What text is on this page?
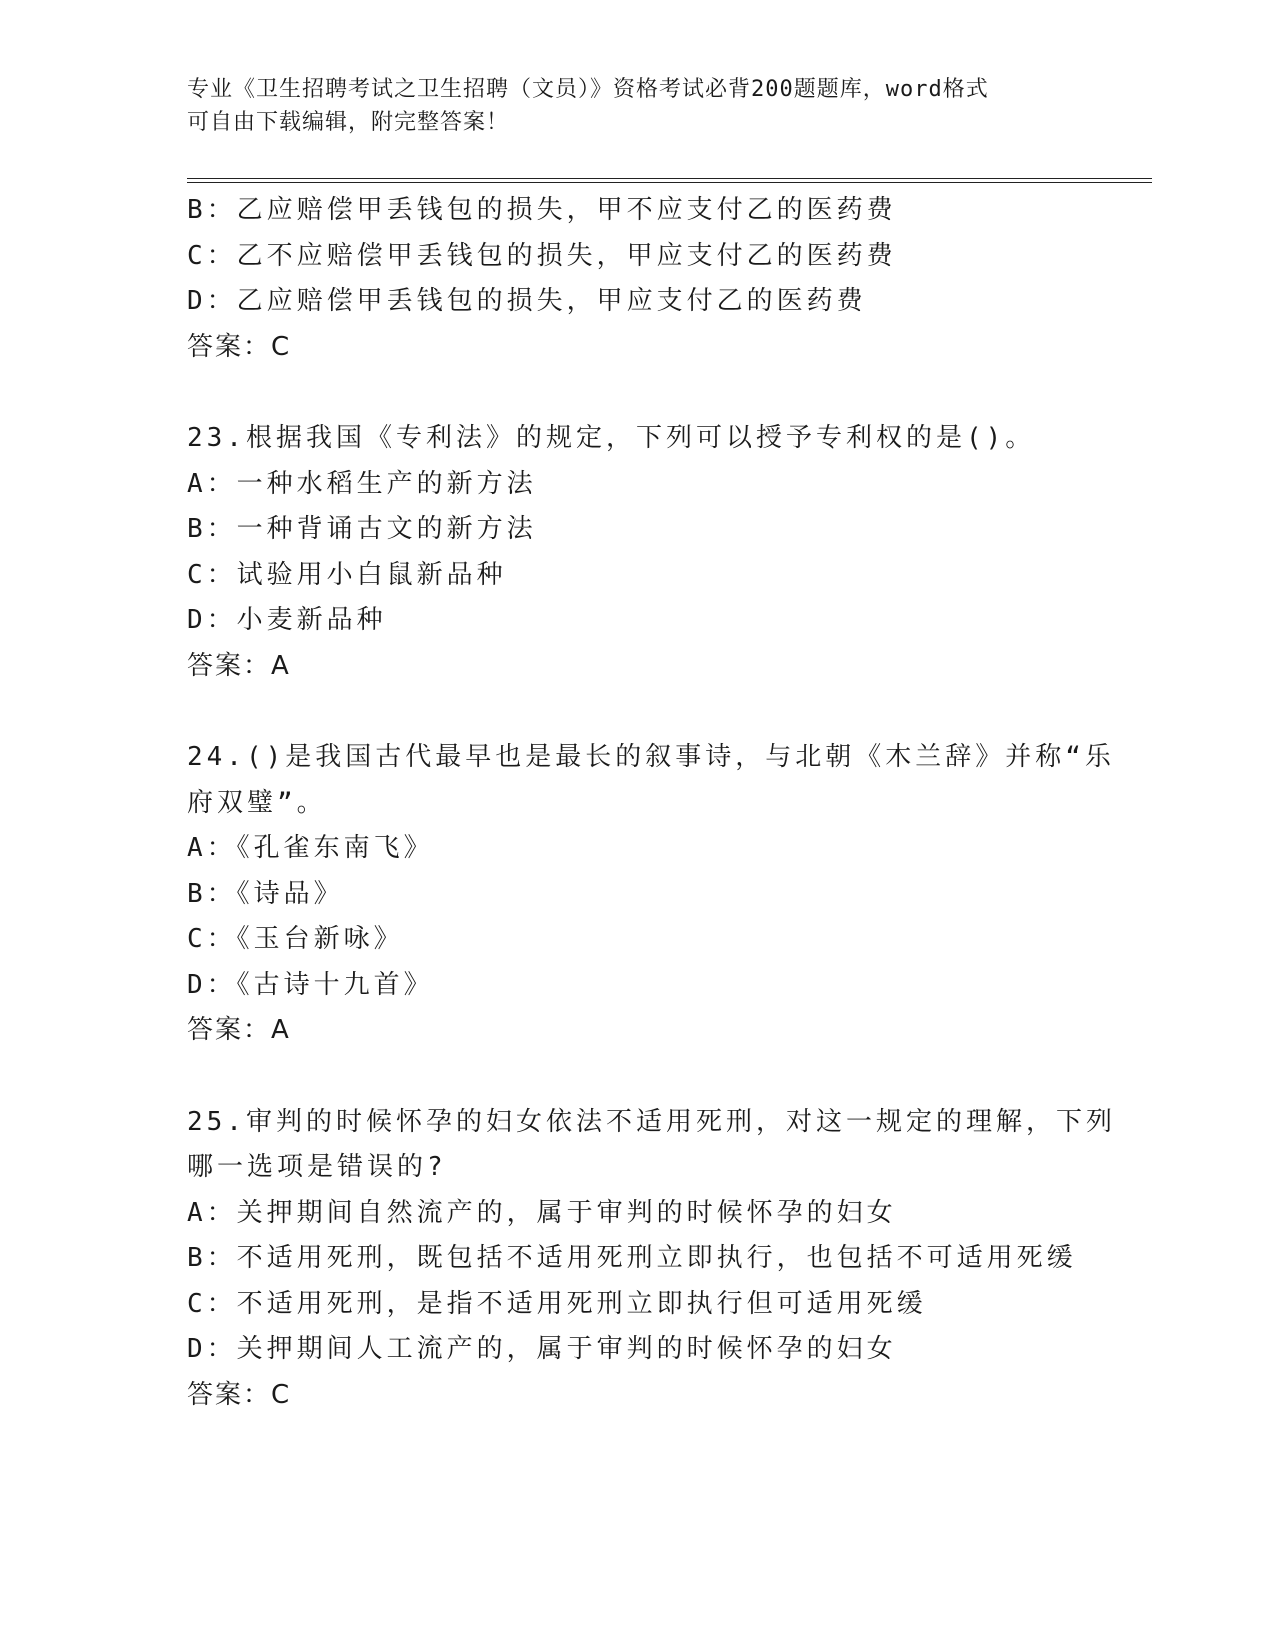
专业《卫生招聘考试之卫生招聘（文员）》资格考试必背200题题库，word格式
可自由下载编辑，附完整答案！
B：乙应赔偿甲丢钱包的损失，甲不应支付乙的医药费
C：乙不应赔偿甲丢钱包的损失，甲应支付乙的医药费
D：乙应赔偿甲丢钱包的损失，甲应支付乙的医药费
答案：C
23.根据我国《专利法》的规定，下列可以授予专利权的是()。
A：一种水稻生产的新方法
B：一种背诵古文的新方法
C：试验用小白鼠新品种
D：小麦新品种
答案：A
24.()是我国古代最早也是最长的叙事诗，与北朝《木兰辞》并称“乐
府双璧”。
A：《孔雀东南飞》
B：《诗品》
C：《玉台新咏》
D：《古诗十九首》
答案：A
25.审判的时候怀孕的妇女依法不适用死刑，对这一规定的理解，下列
哪一选项是错误的?
A：关押期间自然流产的，属于审判的时候怀孕的妇女
B：不适用死刑，既包括不适用死刑立即执行，也包括不可适用死缓
C：不适用死刑，是指不适用死刑立即执行但可适用死缓
D：关押期间人工流产的，属于审判的时候怀孕的妇女
答案：C
